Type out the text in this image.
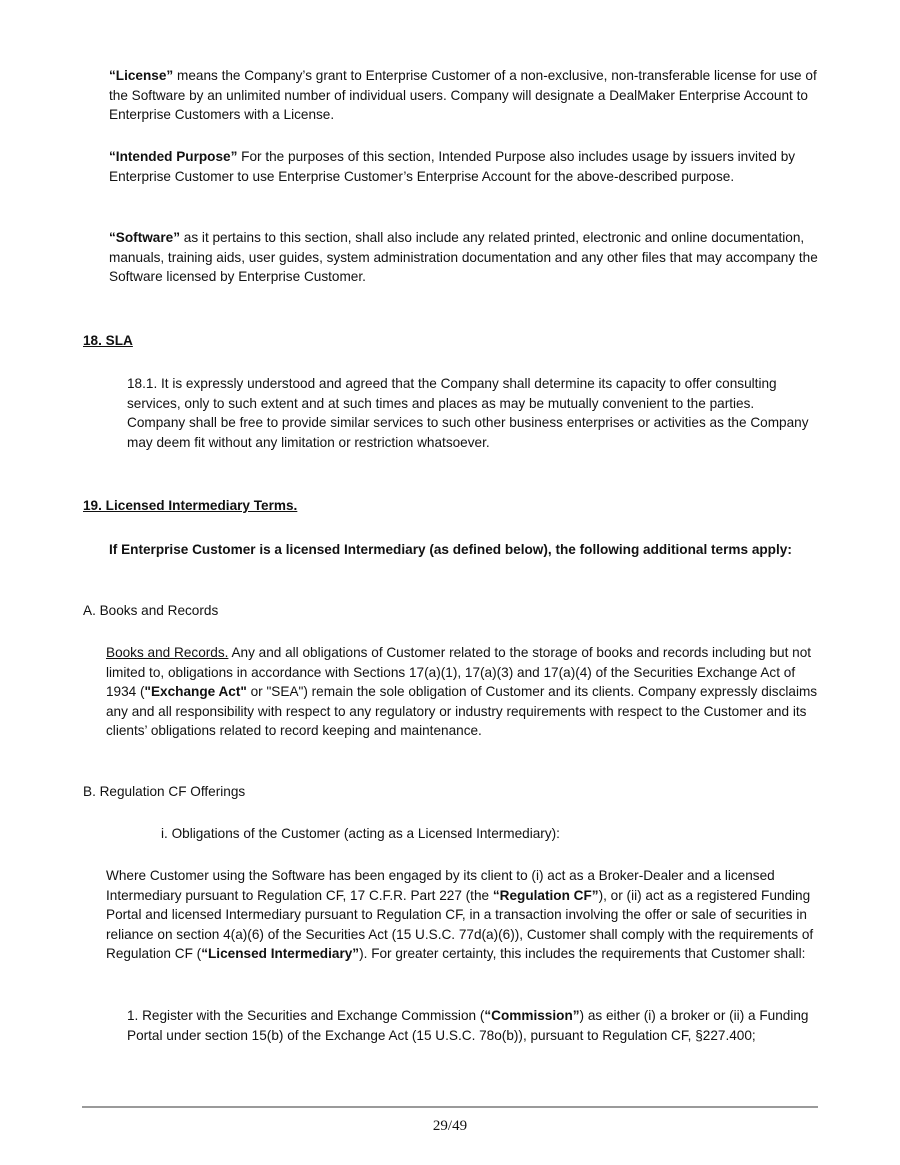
“License” means the Company’s grant to Enterprise Customer of a non-exclusive, non-transferable license for use of the Software by an unlimited number of individual users. Company will designate a DealMaker Enterprise Account to Enterprise Customers with a License.

“Intended Purpose” For the purposes of this section, Intended Purpose also includes usage by issuers invited by Enterprise Customer to use Enterprise Customer’s Enterprise Account for the above-described purpose.

“Software” as it pertains to this section, shall also include any related printed, electronic and online documentation, manuals, training aids, user guides, system administration documentation and any other files that may accompany the Software licensed by Enterprise Customer.

18. SLA

18.1. It is expressly understood and agreed that the Company shall determine its capacity to offer consulting services, only to such extent and at such times and places as may be mutually convenient to the parties. Company shall be free to provide similar services to such other business enterprises or activities as the Company may deem fit without any limitation or restriction whatsoever.

19. Licensed Intermediary Terms.

If Enterprise Customer is a licensed Intermediary (as defined below), the following additional terms apply:

A. Books and Records

Books and Records. Any and all obligations of Customer related to the storage of books and records including but not limited to, obligations in accordance with Sections 17(a)(1), 17(a)(3) and 17(a)(4) of the Securities Exchange Act of 1934 ("Exchange Act" or "SEA") remain the sole obligation of Customer and its clients. Company expressly disclaims any and all responsibility with respect to any regulatory or industry requirements with respect to the Customer and its clients’ obligations related to record keeping and maintenance.

B. Regulation CF Offerings

i. Obligations of the Customer (acting as a Licensed Intermediary):

Where Customer using the Software has been engaged by its client to (i) act as a Broker-Dealer and a licensed Intermediary pursuant to Regulation CF, 17 C.F.R. Part 227 (the “Regulation CF”), or (ii) act as a registered Funding Portal and licensed Intermediary pursuant to Regulation CF, in a transaction involving the offer or sale of securities in reliance on section 4(a)(6) of the Securities Act (15 U.S.C. 77d(a)(6)), Customer shall comply with the requirements of Regulation CF (“Licensed Intermediary”). For greater certainty, this includes the requirements that Customer shall:

1. Register with the Securities and Exchange Commission (“Commission”) as either (i) a broker or (ii) a Funding Portal under section 15(b) of the Exchange Act (15 U.S.C. 78o(b)), pursuant to Regulation CF, §227.400;

29/49
